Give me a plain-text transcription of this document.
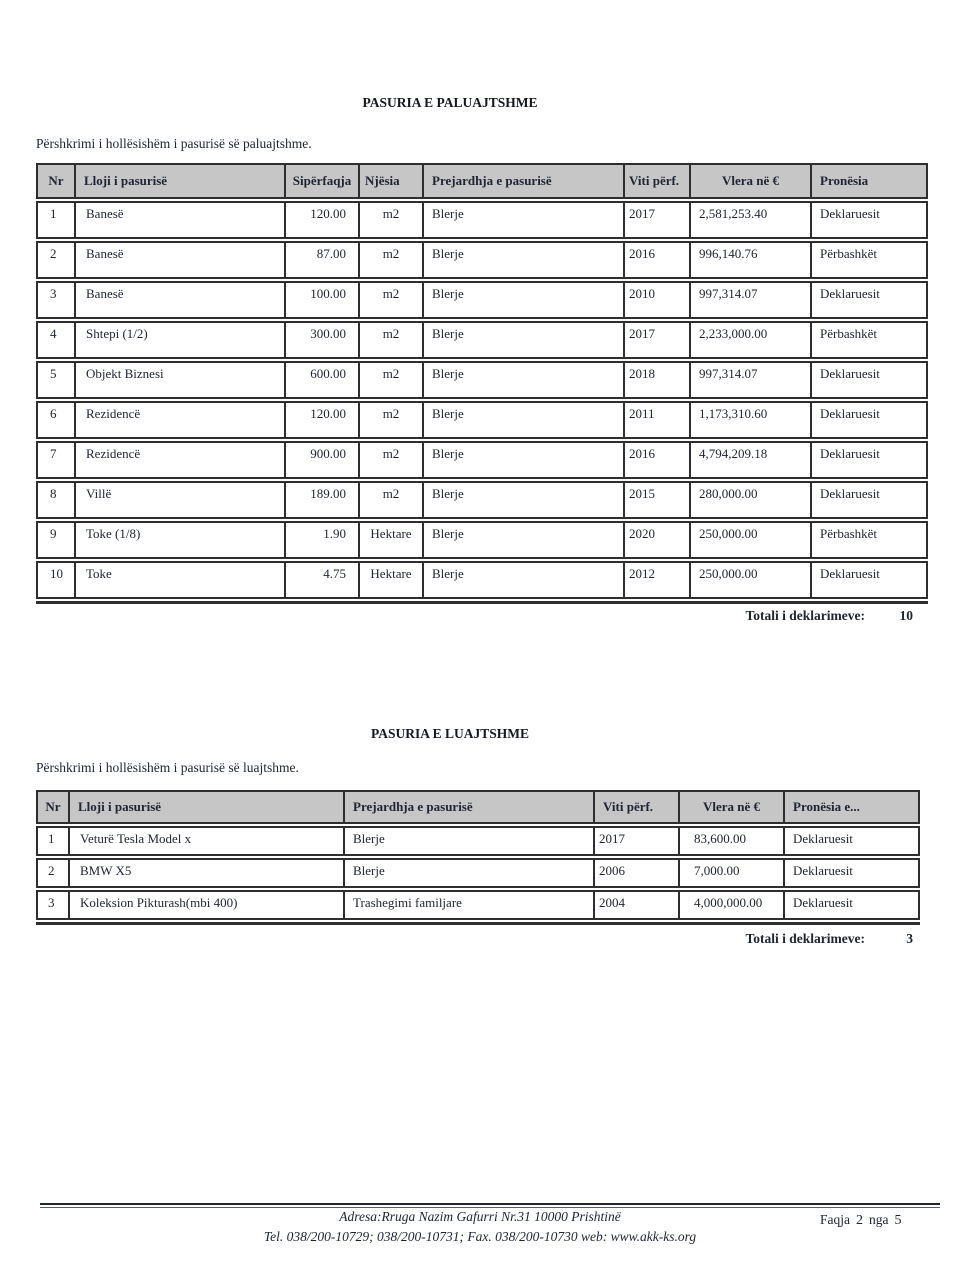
PASURIA E PALUAJTSHME
Përshkrimi i hollësishëm i pasurisë së paluajtshme.
Nr	Lloji i pasurisë	Sipërfaqja	Njësia	Prejardhja e pasurisë	Viti përf.	Vlera në €	Pronësia
1	Banesë	120.00	m2	Blerje	2017	2,581,253.40	Deklaruesit
2	Banesë	87.00	m2	Blerje	2016	996,140.76	Përbashkët
3	Banesë	100.00	m2	Blerje	2010	997,314.07	Deklaruesit
4	Shtepi (1/2)	300.00	m2	Blerje	2017	2,233,000.00	Përbashkët
5	Objekt Biznesi	600.00	m2	Blerje	2018	997,314.07	Deklaruesit
6	Rezidencë	120.00	m2	Blerje	2011	1,173,310.60	Deklaruesit
7	Rezidencë	900.00	m2	Blerje	2016	4,794,209.18	Deklaruesit
8	Villë	189.00	m2	Blerje	2015	280,000.00	Deklaruesit
9	Toke (1/8)	1.90	Hektare	Blerje	2020	250,000.00	Përbashkët
10	Toke	4.75	Hektare	Blerje	2012	250,000.00	Deklaruesit
Totali i deklarimeve:	10
PASURIA E LUAJTSHME
Përshkrimi i hollësishëm i pasurisë së luajtshme.
Nr	Lloji i pasurisë	Prejardhja e pasurisë	Viti përf.	Vlera në €	Pronësia e...
1	Veturë Tesla Model x	Blerje	2017	83,600.00	Deklaruesit
2	BMW X5	Blerje	2006	7,000.00	Deklaruesit
3	Koleksion Pikturash(mbi 400)	Trashegimi familjare	2004	4,000,000.00	Deklaruesit
Totali i deklarimeve:	3
Adresa:Rruga Nazim Gafurri Nr.31 10000 Prishtinë
Tel. 038/200-10729; 038/200-10731; Fax. 038/200-10730 web: www.akk-ks.org
Faqja 2 nga 5
